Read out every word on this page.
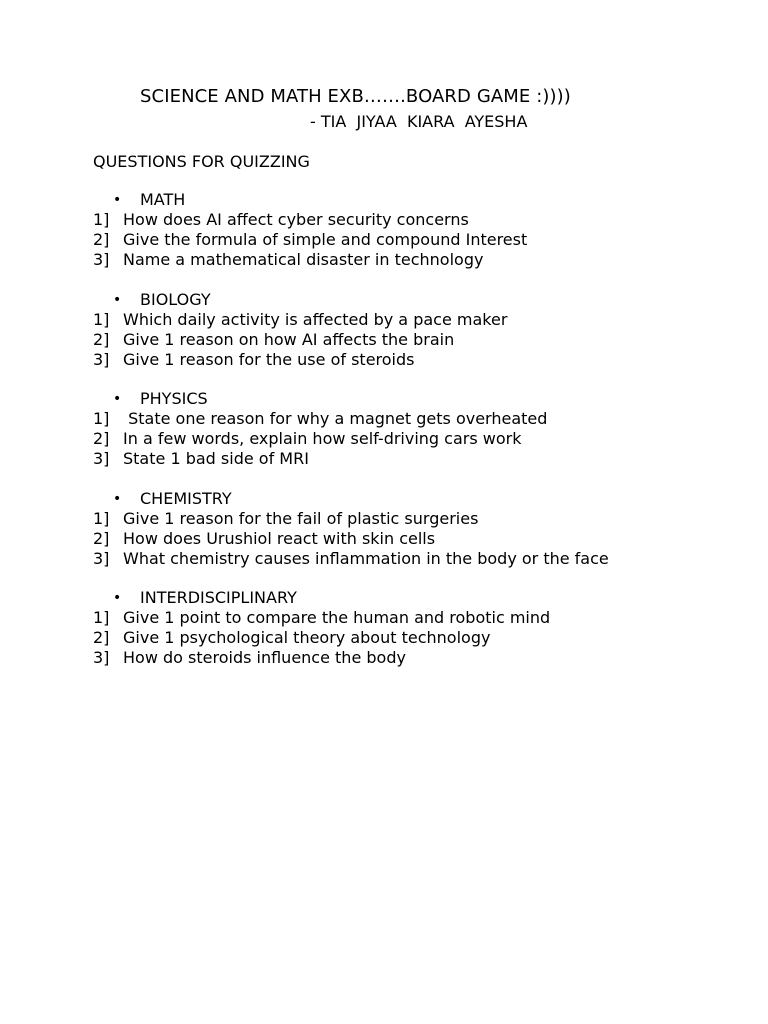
SCIENCE AND MATH EXB…….BOARD GAME :))))
- TIA  JIYAA  KIARA  AYESHA
QUESTIONS FOR QUIZZING
• MATH
1] How does AI affect cyber security concerns
2] Give the formula of simple and compound Interest
3] Name a mathematical disaster in technology
• BIOLOGY
1] Which daily activity is affected by a pace maker
2] Give 1 reason on how AI affects the brain
3] Give 1 reason for the use of steroids
• PHYSICS
1] State one reason for why a magnet gets overheated
2] In a few words, explain how self-driving cars work
3] State 1 bad side of MRI
• CHEMISTRY
1] Give 1 reason for the fail of plastic surgeries
2] How does Urushiol react with skin cells
3] What chemistry causes inflammation in the body or the face
• INTERDISCIPLINARY
1] Give 1 point to compare the human and robotic mind
2] Give 1 psychological theory about technology
3] How do steroids influence the body
